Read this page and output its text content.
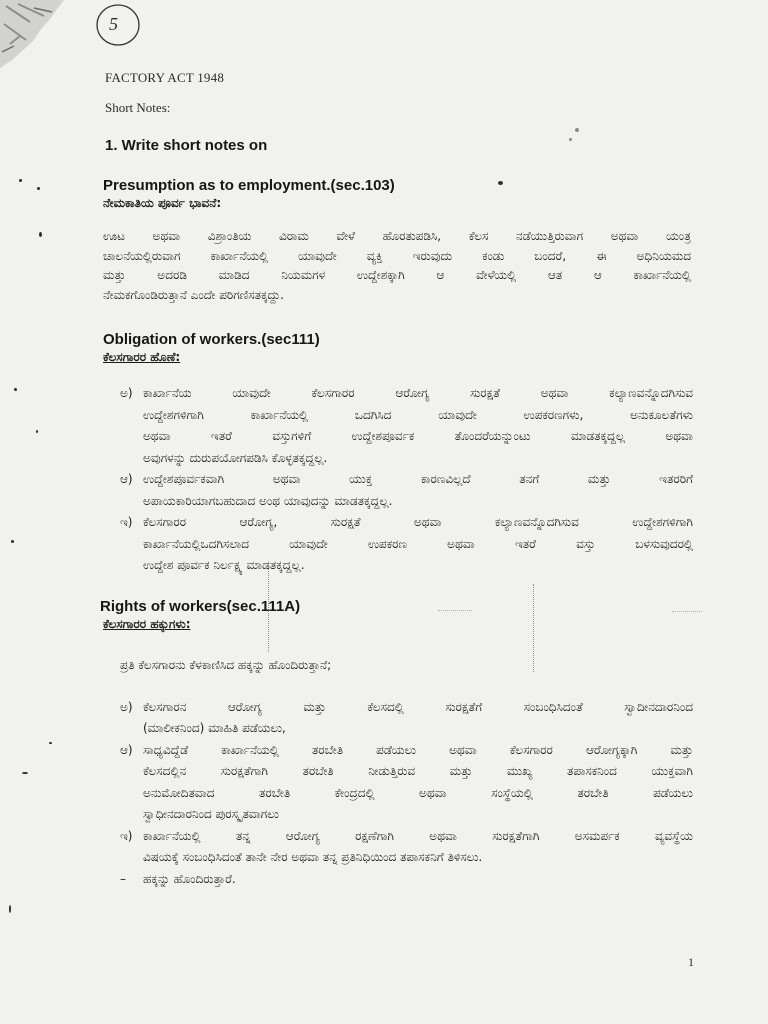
5
FACTORY ACT 1948
Short Notes:
1. Write short notes on
Presumption as to employment.(sec.103)
ನೇಮಕಾತಿಯ ಪೂರ್ವ ಭಾವನೆ:
ಊಟ ಅಥವಾ ವಿಶ್ರಾಂತಿಯ ವಿರಾಮ ವೇಳೆ ಹೊರತುಪಡಿಸಿ, ಕೆಲಸ ನಡೆಯುತ್ತಿರುವಾಗ ಅಥವಾ ಯಂತ್ರ
ಚಾಲನೆಯಲ್ಲಿರುವಾಗ ಕಾರ್ಖಾನೆಯಲ್ಲಿ ಯಾವುದೇ ವ್ಯಕ್ತಿ ಇರುವುದು ಕಂಡು ಬಂದರೆ, ಈ ಅಧಿನಿಯಮದ
ಮತ್ತು ಅದರಡಿ ಮಾಡಿದ ನಿಯಮಗಳ ಉದ್ದೇಶಕ್ಕಾಗಿ ಆ ವೇಳೆಯಲ್ಲಿ ಆತ ಆ ಕಾರ್ಖಾನೆಯಲ್ಲಿ
ನೇಮಕಗೊಂಡಿರುತ್ತಾನೆ ಎಂದೇ ಪರಿಗಣಿಸತಕ್ಕದ್ದು.
Obligation of workers.(sec111)
ಕೆಲಸಗಾರರ ಹೊಣೆ:
ಅ) ಕಾರ್ಖಾನೆಯ ಯಾವುದೇ ಕೆಲಸಗಾರರ ಆರೋಗ್ಯ ಸುರಕ್ಷತೆ ಅಥವಾ ಕಲ್ಯಾಣವನ್ನೊದಗಿಸುವ
ಉದ್ದೇಶಗಳಿಗಾಗಿ ಕಾರ್ಖಾನೆಯಲ್ಲಿ ಒದಗಿಸಿದ ಯಾವುದೇ ಉಪಕರಣಗಳು, ಅನುಕೂಲತೆಗಳು
ಅಥವಾ ಇತರೆ ವಸ್ತುಗಳಿಗೆ ಉದ್ದೇಶಪೂರ್ವಕ ತೊಂದರೆಯನ್ನುಂಟು ಮಾಡತಕ್ಕದ್ದಲ್ಲ ಅಥವಾ
ಅವುಗಳನ್ನು ದುರುಪಯೋಗಪಡಿಸಿ ಕೊಳ್ಳತಕ್ಕದ್ದಲ್ಲ.
ಆ) ಉದ್ದೇಶಪೂರ್ವಕವಾಗಿ ಅಥವಾ ಯುಕ್ತ ಕಾರಣವಿಲ್ಲದೆ ತನಗೆ ಮತ್ತು ಇತರರಿಗೆ
ಅಪಾಯಕಾರಿಯಾಗಬಹುದಾದ ಅಂಥ ಯಾವುದನ್ನು ಮಾಡತಕ್ಕದ್ದಲ್ಲ.
ಇ) ಕೆಲಸಗಾರರ ಆರೋಗ್ಯ, ಸುರಕ್ಷತೆ ಅಥವಾ ಕಲ್ಯಾಣವನ್ನೊದಗಿಸುವ ಉದ್ದೇಶಗಳಿಗಾಗಿ
ಕಾರ್ಖಾನೆಯಲ್ಲಿಒದಗಿಸಲಾದ ಯಾವುದೇ ಉಪಕರಣ ಅಥವಾ ಇತರೆ ವಸ್ತು ಬಳಸುವುದರಲ್ಲಿ
ಉದ್ದೇಶ ಪೂರ್ವಕ ನಿರ್ಲಕ್ಷ್ಯ ಮಾಡತಕ್ಕದ್ದಲ್ಲ.
Rights of workers(sec.111A)
ಕೆಲಸಗಾರರ ಹಕ್ಕುಗಳು:
ಪ್ರತಿ ಕೆಲಸಗಾರನು ಕೆಳಕಾಣಿಸಿದ ಹಕ್ಕನ್ನು ಹೊಂದಿರುತ್ತಾನೆ;
ಅ) ಕೆಲಸಗಾರನ ಆರೋಗ್ಯ ಮತ್ತು ಕೆಲಸದಲ್ಲಿ ಸುರಕ್ಷತೆಗೆ ಸಂಬಂಧಿಸಿದಂತೆ ಸ್ವಾದೀನದಾರನಿಂದ
(ಮಾಲೀಕನಿಂದ) ಮಾಹಿತಿ ಪಡೆಯಲು,
ಆ) ಸಾಧ್ಯವಿದ್ದೆಡೆ ಕಾರ್ಖಾನೆಯಲ್ಲಿ ತರಬೇತಿ ಪಡೆಯಲು ಅಥವಾ ಕೆಲಸಗಾರರ ಆರೋಗ್ಯಕ್ಕಾಗಿ ಮತ್ತು
ಕೆಲಸದಲ್ಲಿನ ಸುರಕ್ಷತೆಗಾಗಿ ತರಬೇತಿ ನೀಡುತ್ತಿರುವ ಮತ್ತು ಮುಖ್ಯ ತಪಾಸಕನಿಂದ ಯುಕ್ತವಾಗಿ
ಅನುಮೋದಿತವಾದ ತರಬೇತಿ ಕೇಂದ್ರದಲ್ಲಿ ಅಥವಾ ಸಂಸ್ಥೆಯಲ್ಲಿ ತರಬೇತಿ ಪಡೆಯಲು
ಸ್ವಾಧೀನದಾರನಿಂದ ಪುರಸ್ಕೃತವಾಗಲು
ಇ) ಕಾರ್ಖಾನೆಯಲ್ಲಿ ತನ್ನ ಆರೋಗ್ಯ ರಕ್ಷಣೆಗಾಗಿ ಅಥವಾ ಸುರಕ್ಷತೆಗಾಗಿ ಅಸಮರ್ಪಕ ವ್ಯವಸ್ಥೆಯ
ವಿಷಯಕ್ಕೆ ಸಂಬಂಧಿಸಿದಂತೆ ತಾನೇ ನೇರ ಅಥವಾ ತನ್ನ ಪ್ರತಿನಿಧಿಯಿಂದ ತಪಾಸಕನಿಗೆ ತಿಳಿಸಲು.
–	ಹಕ್ಕನ್ನು ಹೊಂದಿರುತ್ತಾರೆ.
1
